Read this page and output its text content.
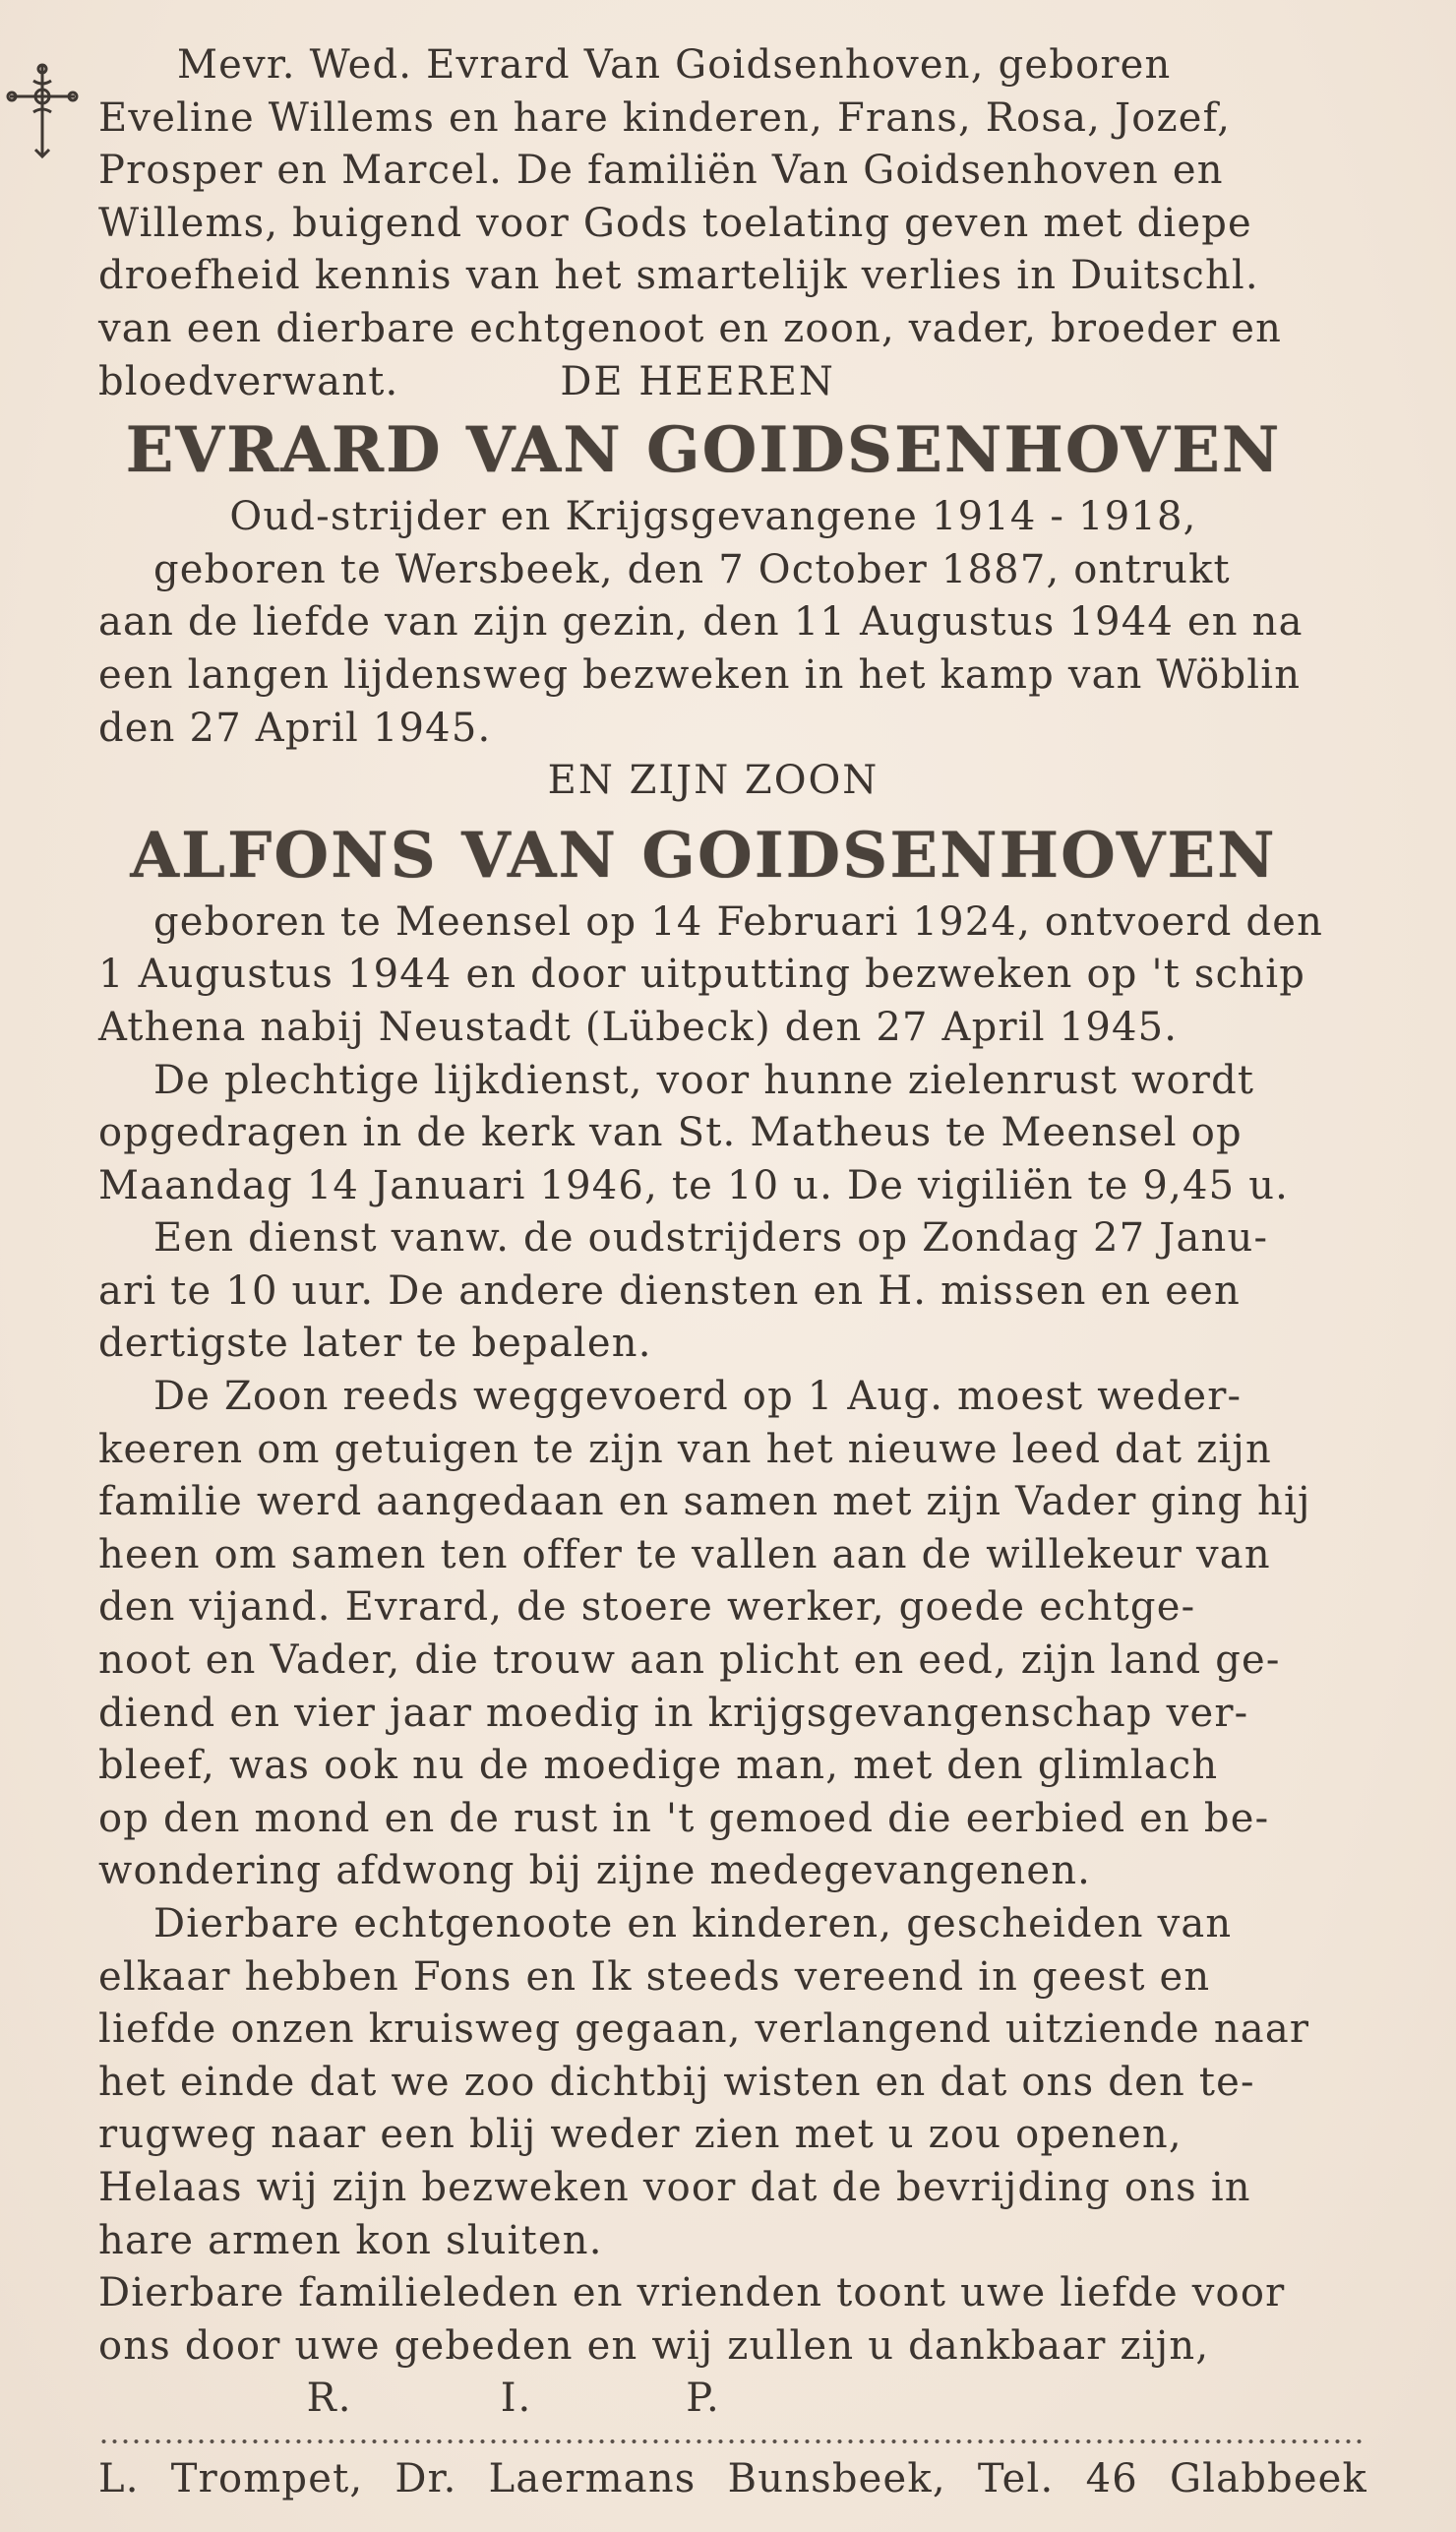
Mevr. Wed. Evrard Van Goidsenhoven, geboren

Eveline Willems en hare kinderen, Frans, Rosa, Jozef,

Prosper en Marcel. De familiën Van Goidsenhoven en

Willems, buigend voor Gods toelating geven met diepe

droefheid kennis van het smartelijk verlies in Duitschl.

van een dierbare echtgenoot en zoon, vader, broeder en

bloedverwant.	DE HEEREN

EVRARD VAN GOIDSENHOVEN

Oud-strijder en Krijgsgevangene 1914 - 1918,

geboren te Wersbeek, den 7 October 1887, ontrukt

aan de liefde van zijn gezin, den 11 Augustus 1944 en na

een langen lijdensweg bezweken in het kamp van Wöblin

den 27 April 1945.

EN ZIJN ZOON

ALFONS VAN GOIDSENHOVEN

geboren te Meensel op 14 Februari 1924, ontvoerd den

1 Augustus 1944 en door uitputting bezweken op 't schip

Athena nabij Neustadt (Lübeck) den 27 April 1945.

De plechtige lijkdienst, voor hunne zielenrust wordt

opgedragen in de kerk van St. Matheus te Meensel op

Maandag 14 Januari 1946, te 10 u. De vigiliën te 9,45 u.

Een dienst vanw. de oudstrijders op Zondag 27 Janu-

ari te 10 uur. De andere diensten en H. missen en een

dertigste later te bepalen.

De Zoon reeds weggevoerd op 1 Aug. moest weder-

keeren om getuigen te zijn van het nieuwe leed dat zijn

familie werd aangedaan en samen met zijn Vader ging hij

heen om samen ten offer te vallen aan de willekeur van

den vijand. Evrard, de stoere werker, goede echtge-

noot en Vader, die trouw aan plicht en eed, zijn land ge-

diend en vier jaar moedig in krijgsgevangenschap ver-

bleef, was ook nu de moedige man, met den glimlach

op den mond en de rust in 't gemoed die eerbied en be-

wondering afdwong bij zijne medegevangenen.

Dierbare echtgenoote en kinderen, gescheiden van

elkaar hebben Fons en Ik steeds vereend in geest en

liefde onzen kruisweg gegaan, verlangend uitziende naar

het einde dat we zoo dichtbij wisten en dat ons den te-

rugweg naar een blij weder zien met u zou openen,

Helaas wij zijn bezweken voor dat de bevrijding ons in

hare armen kon sluiten.

Dierbare familieleden en vrienden toont uwe liefde voor

ons door uwe gebeden en wij zullen u dankbaar zijn,

R.	I.	P.

L. Trompet, Dr. Laermans Bunsbeek, Tel. 46 Glabbeek
